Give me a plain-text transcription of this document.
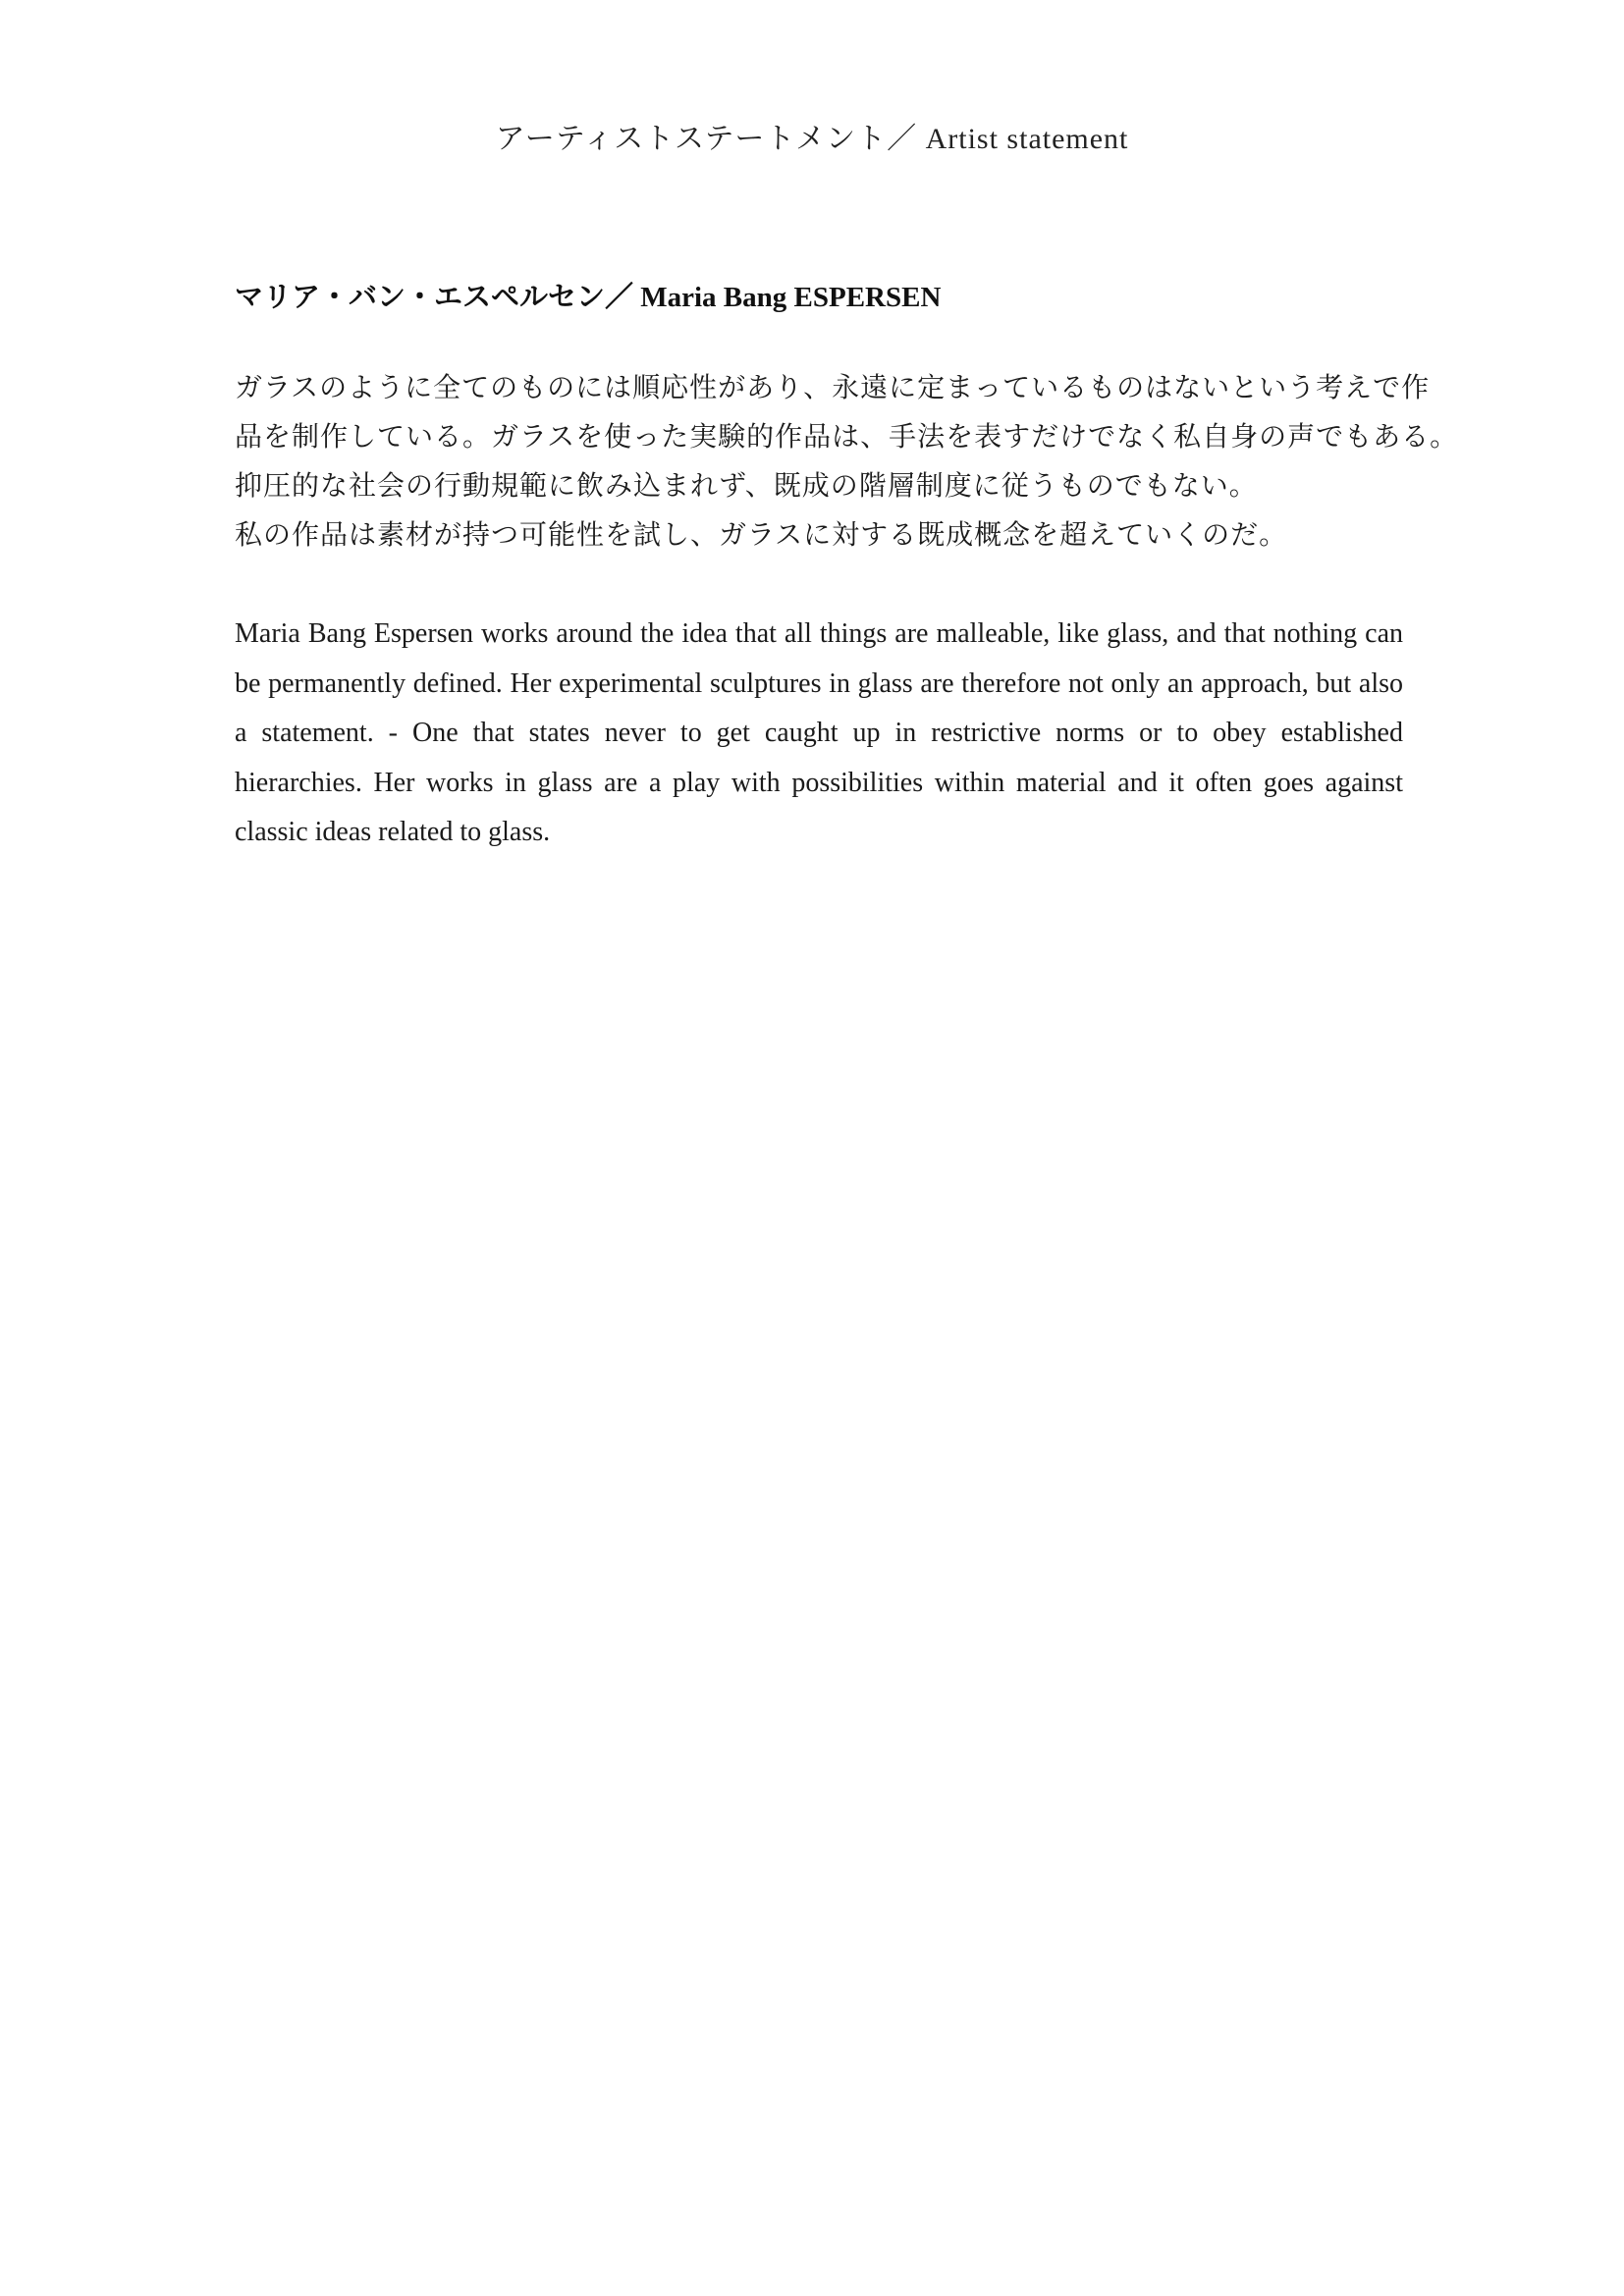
アーティストステートメント／ Artist statement
マリア・バン・エスペルセン／ Maria Bang ESPERSEN
ガラスのように全てのものには順応性があり、永遠に定まっているものはないという考えで作
品を制作している。ガラスを使った実験的作品は、手法を表すだけでなく私自身の声でもある。
抑圧的な社会の行動規範に飲み込まれず、既成の階層制度に従うものでもない。
私の作品は素材が持つ可能性を試し、ガラスに対する既成概念を超えていくのだ。

Maria Bang Espersen works around the idea that all things are malleable, like glass, and that nothing can be permanently defined. Her experimental sculptures in glass are therefore not only an approach, but also a statement. - One that states never to get caught up in restrictive norms or to obey established hierarchies. Her works in glass are a play with possibilities within material and it often goes against classic ideas related to glass.
